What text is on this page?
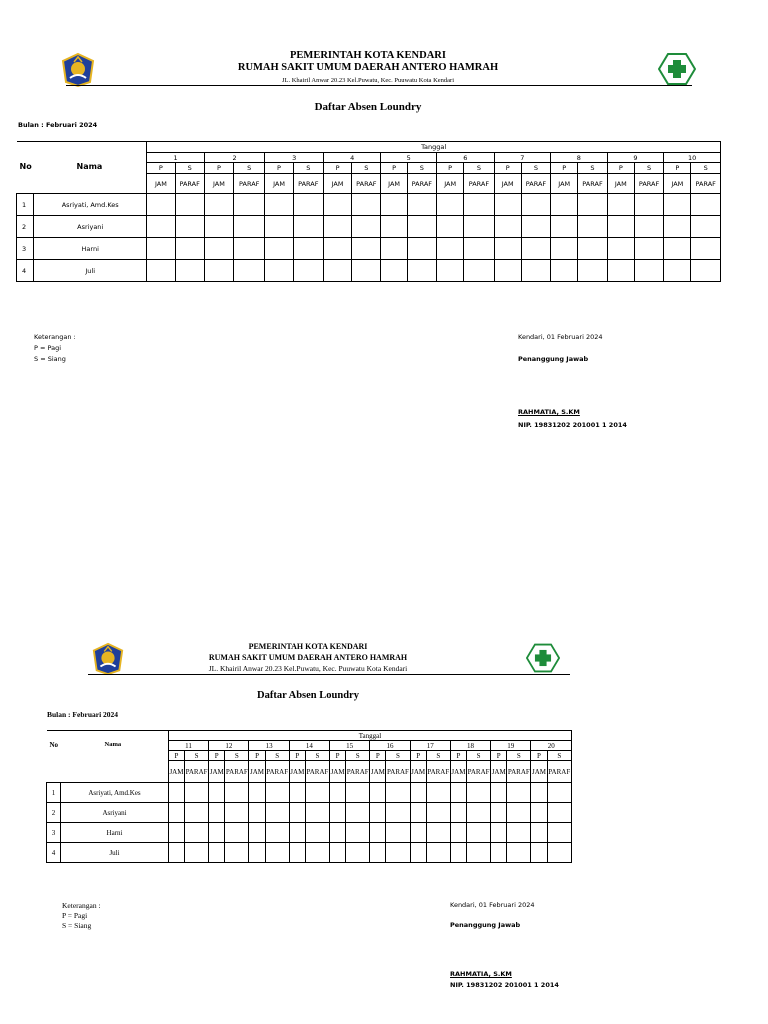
PEMERINTAH KOTA KENDARI
RUMAH SAKIT UMUM DAERAH ANTERO HAMRAH
JL. Khairil Anwar 20.23 Kel.Puwatu, Kec. Puuwatu Kota Kendari
Daftar Absen Loundry
Bulan : Februari 2024
No Nama		Tanggal																			
		1		2		3		4		5		6		7		8		9		10	
		P	S	P	S	P	S	P	S	P	S	P	S	P	S	P	S	P	S	P	S
		JAM	PARAF	JAM	PARAF	JAM	PARAF	JAM	PARAF	JAM	PARAF	JAM	PARAF	JAM	PARAF	JAM	PARAF	JAM	PARAF	JAM	PARAF
1	Asriyati, Amd.Kes																				
2	Asriyani																				
3	Harni																				
4	Juli																				
Keterangan :
P = Pagi
S = Siang
Kendari, 01 Februari 2024
Penanggung Jawab
RAHMATIA, S.KM
NIP. 19831202 201001 1 2014
PEMERINTAH KOTA KENDARI
RUMAH SAKIT UMUM DAERAH ANTERO HAMRAH
JL. Khairil Anwar 20.23 Kel.Puwatu, Kec. Puuwatu Kota Kendari
Daftar Absen Loundry
Bulan : Februari 2024
No Nama		Tanggal																			
		11		12		13		14		15		16		17		18		19		20	
		P	S	P	S	P	S	P	S	P	S	P	S	P	S	P	S	P	S	P	S
		JAM	PARAF	JAM	PARAF	JAM	PARAF	JAM	PARAF	JAM	PARAF	JAM	PARAF	JAM	PARAF	JAM	PARAF	JAM	PARAF	JAM	PARAF
1	Asriyati, Amd.Kes																				
2	Asriyani																				
3	Harni																				
4	Juli																				
Keterangan :
P = Pagi
S = Siang
Kendari, 01 Februari 2024
Penanggung Jawab
RAHMATIA, S.KM
NIP. 19831202 201001 1 2014
